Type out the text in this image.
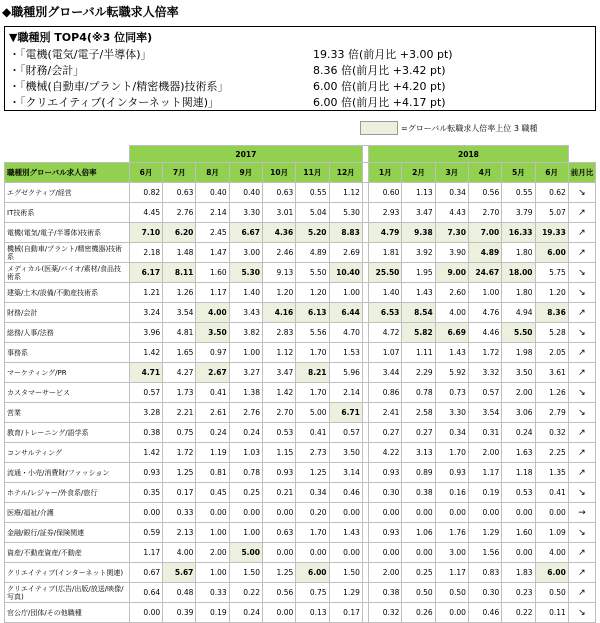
◆職種別グローバル転職求人倍率
▼職種別 TOP4(※3 位同率)
・「電機(電気/電子/半導体)」	19.33 倍(前月比 +3.00 pt)
・「財務/会計」	8.36 倍(前月比 +3.42 pt)
・「機械(自動車/プラント/精密機器)技術系」	6.00 倍(前月比 +4.20 pt)
・「クリエイティブ(インターネット関連)」	6.00 倍(前月比 +4.17 pt)
=グローバル転職求人倍率上位 3 職種
	2017								2018						
職種別グローバル求人倍率	6月	7月	8月	9月	10月	11月	12月		1月	2月	3月	4月	5月	6月	前月比
エグゼクティブ/経営	0.82	0.63	0.40	0.40	0.63	0.55	1.12		0.60	1.13	0.34	0.56	0.55	0.62	↘
IT技術系	4.45	2.76	2.14	3.30	3.01	5.04	5.30		2.93	3.47	4.43	2.70	3.79	5.07	↗
電機(電気/電子/半導体)技術系	7.10	6.20	2.45	6.67	4.36	5.20	8.83		4.79	9.38	7.30	7.00	16.33	19.33	↗
機械(自動車/プラント/精密機器)技術系	2.18	1.48	1.47	3.00	2.46	4.89	2.69		1.81	3.92	3.90	4.89	1.80	6.00	↗
メディカル(医薬/バイオ/素材/食品技術系	6.17	8.11	1.60	5.30	9.13	5.50	10.40		25.50	1.95	9.00	24.67	18.00	5.75	↘
建築/土木/設備/不動産技術系	1.21	1.26	1.17	1.40	1.20	1.20	1.00		1.40	1.43	2.60	1.00	1.80	1.20	↘
財務/会計	3.24	3.54	4.00	3.43	4.16	6.13	6.44		6.53	8.54	4.00	4.76	4.94	8.36	↗
総務/人事/法務	3.96	4.81	3.50	3.82	2.83	5.56	4.70		4.72	5.82	6.69	4.46	5.50	5.28	↘
事務系	1.42	1.65	0.97	1.00	1.12	1.70	1.53		1.07	1.11	1.43	1.72	1.98	2.05	↗
マーケティング/PR	4.71	4.27	2.67	3.27	3.47	8.21	5.96		3.44	2.29	5.92	3.32	3.50	3.61	↗
カスタマーサービス	0.57	1.73	0.41	1.38	1.42	1.70	2.14		0.86	0.78	0.73	0.57	2.00	1.26	↘
営業	3.28	2.21	2.61	2.76	2.70	5.00	6.71		2.41	2.58	3.30	3.54	3.06	2.79	↘
教育/トレーニング/語学系	0.38	0.75	0.24	0.24	0.53	0.41	0.57		0.27	0.27	0.34	0.31	0.24	0.32	↗
コンサルティング	1.42	1.72	1.19	1.03	1.15	2.73	3.50		4.22	3.13	1.70	2.00	1.63	2.25	↗
流通・小売/消費財/ファッション	0.93	1.25	0.81	0.78	0.93	1.25	3.14		0.93	0.89	0.93	1.17	1.18	1.35	↗
ホテル/レジャー/外食系/旅行	0.35	0.17	0.45	0.25	0.21	0.34	0.46		0.30	0.38	0.16	0.19	0.53	0.41	↘
医療/福祉/介護	0.00	0.33	0.00	0.00	0.00	0.20	0.00		0.00	0.00	0.00	0.00	0.00	0.00	→
金融/銀行/証券/保険関連	0.59	2.13	1.00	1.00	0.63	1.70	1.43		0.93	1.06	1.76	1.29	1.60	1.09	↘
資産/不動産資産/不動産	1.17	4.00	2.00	5.00	0.00	0.00	0.00		0.00	0.00	3.00	1.56	0.00	4.00	↗
クリエイティブ(インターネット関連)	0.67	5.67	1.00	1.50	1.25	6.00	1.50		2.00	0.25	1.17	0.83	1.83	6.00	↗
クリエイティブ(広告/出版/放送/映像/写真)	0.64	0.48	0.33	0.22	0.56	0.75	1.29		0.38	0.50	0.50	0.30	0.23	0.50	↗
官公庁/団体/その他職種	0.00	0.39	0.19	0.24	0.00	0.13	0.17		0.32	0.26	0.00	0.46	0.22	0.11	↘
